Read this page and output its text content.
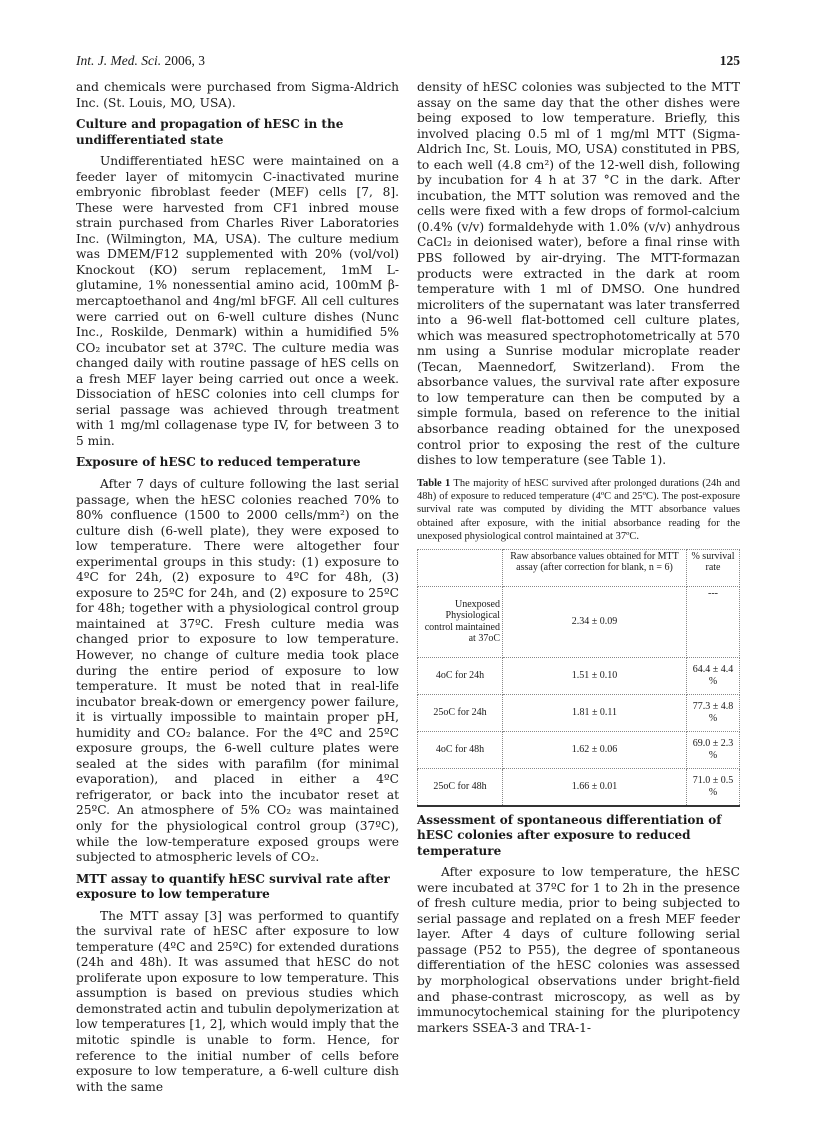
Int. J. Med. Sci. 2006, 3	125

and chemicals were purchased from Sigma-Aldrich Inc. (St. Louis, MO, USA).

Culture and propagation of hESC in the undifferentiated state

Undifferentiated hESC were maintained on a feeder layer of mitomycin C-inactivated murine embryonic fibroblast feeder (MEF) cells [7, 8]. These were harvested from CF1 inbred mouse strain purchased from Charles River Laboratories Inc. (Wilmington, MA, USA). The culture medium was DMEM/F12 supplemented with 20% (vol/vol) Knockout (KO) serum replacement, 1mM L-glutamine, 1% nonessential amino acid, 100mM β-mercaptoethanol and 4ng/ml bFGF. All cell cultures were carried out on 6-well culture dishes (Nunc Inc., Roskilde, Denmark) within a humidified 5% CO₂ incubator set at 37ºC. The culture media was changed daily with routine passage of hES cells on a fresh MEF layer being carried out once a week. Dissociation of hESC colonies into cell clumps for serial passage was achieved through treatment with 1 mg/ml collagenase type IV, for between 3 to 5 min.

Exposure of hESC to reduced temperature

After 7 days of culture following the last serial passage, when the hESC colonies reached 70% to 80% confluence (1500 to 2000 cells/mm²) on the culture dish (6-well plate), they were exposed to low temperature. There were altogether four experimental groups in this study: (1) exposure to 4ºC for 24h, (2) exposure to 4ºC for 48h, (3) exposure to 25ºC for 24h, and (2) exposure to 25ºC for 48h; together with a physiological control group maintained at 37ºC. Fresh culture media was changed prior to exposure to low temperature. However, no change of culture media took place during the entire period of exposure to low temperature. It must be noted that in real-life incubator break-down or emergency power failure, it is virtually impossible to maintain proper pH, humidity and CO₂ balance. For the 4ºC and 25ºC exposure groups, the 6-well culture plates were sealed at the sides with parafilm (for minimal evaporation), and placed in either a 4ºC refrigerator, or back into the incubator reset at 25ºC. An atmosphere of 5% CO₂ was maintained only for the physiological control group (37ºC), while the low-temperature exposed groups were subjected to atmospheric levels of CO₂.

MTT assay to quantify hESC survival rate after exposure to low temperature

The MTT assay [3] was performed to quantify the survival rate of hESC after exposure to low temperature (4ºC and 25ºC) for extended durations (24h and 48h). It was assumed that hESC do not proliferate upon exposure to low temperature. This assumption is based on previous studies which demonstrated actin and tubulin depolymerization at low temperatures [1, 2], which would imply that the mitotic spindle is unable to form. Hence, for reference to the initial number of cells before exposure to low temperature, a 6-well culture dish with the same

density of hESC colonies was subjected to the MTT assay on the same day that the other dishes were being exposed to low temperature. Briefly, this involved placing 0.5 ml of 1 mg/ml MTT (Sigma-Aldrich Inc, St. Louis, MO, USA) constituted in PBS, to each well (4.8 cm²) of the 12-well dish, following by incubation for 4 h at 37 °C in the dark. After incubation, the MTT solution was removed and the cells were fixed with a few drops of formol-calcium (0.4% (v/v) formaldehyde with 1.0% (v/v) anhydrous CaCl₂ in deionised water), before a final rinse with PBS followed by air-drying. The MTT-formazan products were extracted in the dark at room temperature with 1 ml of DMSO. One hundred microliters of the supernatant was later transferred into a 96-well flat-bottomed cell culture plates, which was measured spectrophotometrically at 570 nm using a Sunrise modular microplate reader (Tecan, Maennedorf, Switzerland). From the absorbance values, the survival rate after exposure to low temperature can then be computed by a simple formula, based on reference to the initial absorbance reading obtained for the unexposed control prior to exposing the rest of the culture dishes to low temperature (see Table 1).

Table 1 The majority of hESC survived after prolonged durations (24h and 48h) of exposure to reduced temperature (4ºC and 25ºC). The post-exposure survival rate was computed by dividing the MTT absorbance values obtained after exposure, with the initial absorbance reading for the unexposed physiological control maintained at 37ºC.

	Raw absorbance values obtained for MTT assay (after correction for blank, n = 6)	% survival rate
Unexposed Physiological control maintained at 37oC	2.34 ± 0.09	---
4oC for 24h	1.51 ± 0.10	64.4 ± 4.4 %
25oC for 24h	1.81 ± 0.11	77.3 ± 4.8 %
4oC for 48h	1.62 ± 0.06	69.0 ± 2.3 %
25oC for 48h	1.66 ± 0.01	71.0 ± 0.5 %
Assessment of spontaneous differentiation of hESC colonies after exposure to reduced temperature

After exposure to low temperature, the hESC were incubated at 37ºC for 1 to 2h in the presence of fresh culture media, prior to being subjected to serial passage and replated on a fresh MEF feeder layer. After 4 days of culture following serial passage (P52 to P55), the degree of spontaneous differentiation of the hESC colonies was assessed by morphological observations under bright-field and phase-contrast microscopy, as well as by immunocytochemical staining for the pluripotency markers SSEA-3 and TRA-1-
